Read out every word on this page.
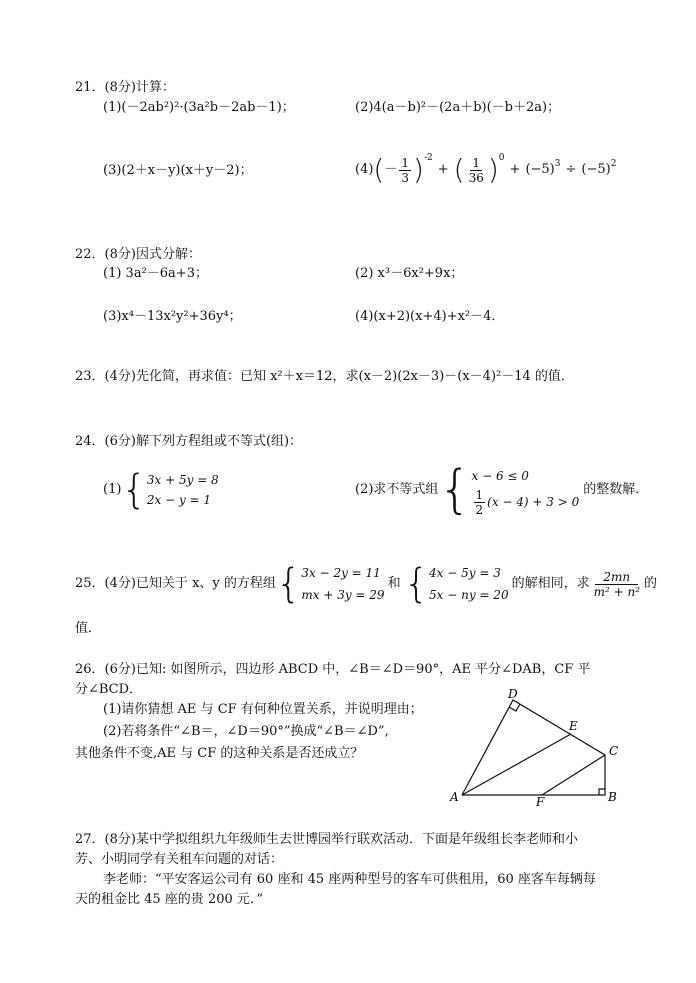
21．(8分)计算：
(1)(－2ab²)²·(3a²b－2ab－1)；	(2)4(a－b)²－(2a＋b)(－b＋2a)；
(3)(2＋x－y)(x＋y－2)；	(4) ( － $\frac{1}{3}$ ) -2
+ ( $\frac{1}{36}$ ) 0
+ (−5) 3 ÷ (−5) 2
22．(8分)因式分解：
(1) 3a²－6a+3；	(2) x³－6x²+9x；
(3)x⁴－13x²y²+36y⁴；	(4)(x+2)(x+4)+x²－4．
23．(4分)先化简，再求值：已知 x²＋x＝12，求(x－2)(2x－3)－(x－4)²－14 的值．
24．(6分)解下列方程组或不等式(组)：
(1) { 3x + 5y = 8
2x − y = 1
(2)求不等式组 { x − 6 ≤ 0
$\frac{1}{2} (x - 4) + 3 > 0$
的整数解．
25．(4分)已知关于 x、y 的方程组 { 3x − 2y = 11
mx + 3y = 29
和 { 4x − 5y = 3
5x − ny = 20
的解相同，求 $\frac{2mn}{\text{m² + n²}}$ 的
值．
26．(6分)已知: 如图所示，四边形 ABCD 中，∠B＝∠D＝90°，AE 平分∠DAB，CF 平
分∠BCD．
(1)请你猜想 AE 与 CF 有何种位置关系，并说明理由；
(2)若将条件“∠B＝，∠D＝90°”换成“∠B＝∠D”,
其他条件不变,AE 与 CF 的这种关系是否还成立？
D
E
C
A	F	B
27．(8分)某中学拟组织九年级师生去世博园举行联欢活动．下面是年级组长李老师和小
芳、小明同学有关租车问题的对话：
李老师：“平安客运公司有 60 座和 45 座两种型号的客车可供租用，60 座客车每辆每
天的租金比 45 座的贵 200 元．”
